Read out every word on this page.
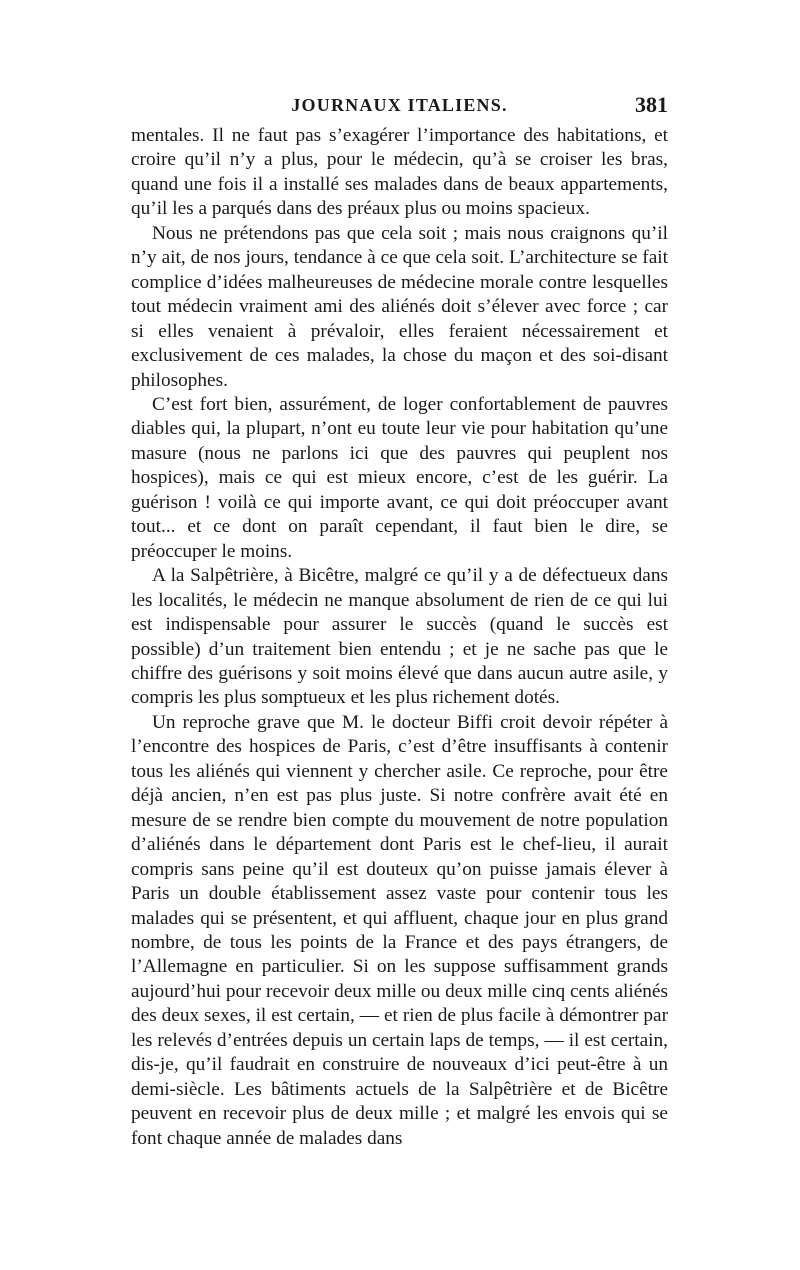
JOURNAUX ITALIENS.	381

mentales. Il ne faut pas s’exagérer l’importance des habitations, et croire qu’il n’y a plus, pour le médecin, qu’à se croiser les bras, quand une fois il a installé ses malades dans de beaux appartements, qu’il les a parqués dans des préaux plus ou moins spacieux.

Nous ne prétendons pas que cela soit ; mais nous craignons qu’il n’y ait, de nos jours, tendance à ce que cela soit. L’architecture se fait complice d’idées malheureuses de médecine morale contre lesquelles tout médecin vraiment ami des aliénés doit s’élever avec force ; car si elles venaient à prévaloir, elles feraient nécessairement et exclusivement de ces malades, la chose du maçon et des soi-disant philosophes.

C’est fort bien, assurément, de loger confortablement de pauvres diables qui, la plupart, n’ont eu toute leur vie pour habitation qu’une masure (nous ne parlons ici que des pauvres qui peuplent nos hospices), mais ce qui est mieux encore, c’est de les guérir. La guérison ! voilà ce qui importe avant, ce qui doit préoccuper avant tout... et ce dont on paraît cependant, il faut bien le dire, se préoccuper le moins.

A la Salpêtrière, à Bicêtre, malgré ce qu’il y a de défectueux dans les localités, le médecin ne manque absolument de rien de ce qui lui est indispensable pour assurer le succès (quand le succès est possible) d’un traitement bien entendu ; et je ne sache pas que le chiffre des guérisons y soit moins élevé que dans aucun autre asile, y compris les plus somptueux et les plus richement dotés.

Un reproche grave que M. le docteur Biffi croit devoir répéter à l’encontre des hospices de Paris, c’est d’être insuffisants à contenir tous les aliénés qui viennent y chercher asile. Ce reproche, pour être déjà ancien, n’en est pas plus juste. Si notre confrère avait été en mesure de se rendre bien compte du mouvement de notre population d’aliénés dans le département dont Paris est le chef-lieu, il aurait compris sans peine qu’il est douteux qu’on puisse jamais élever à Paris un double établissement assez vaste pour contenir tous les malades qui se présentent, et qui affluent, chaque jour en plus grand nombre, de tous les points de la France et des pays étrangers, de l’Allemagne en particulier. Si on les suppose suffisamment grands aujourd’hui pour recevoir deux mille ou deux mille cinq cents aliénés des deux sexes, il est certain, — et rien de plus facile à démontrer par les relevés d’entrées depuis un certain laps de temps, — il est certain, dis-je, qu’il faudrait en construire de nouveaux d’ici peut-être à un demi-siècle. Les bâtiments actuels de la Salpêtrière et de Bicêtre peuvent en recevoir plus de deux mille ; et malgré les envois qui se font chaque année de malades dans
